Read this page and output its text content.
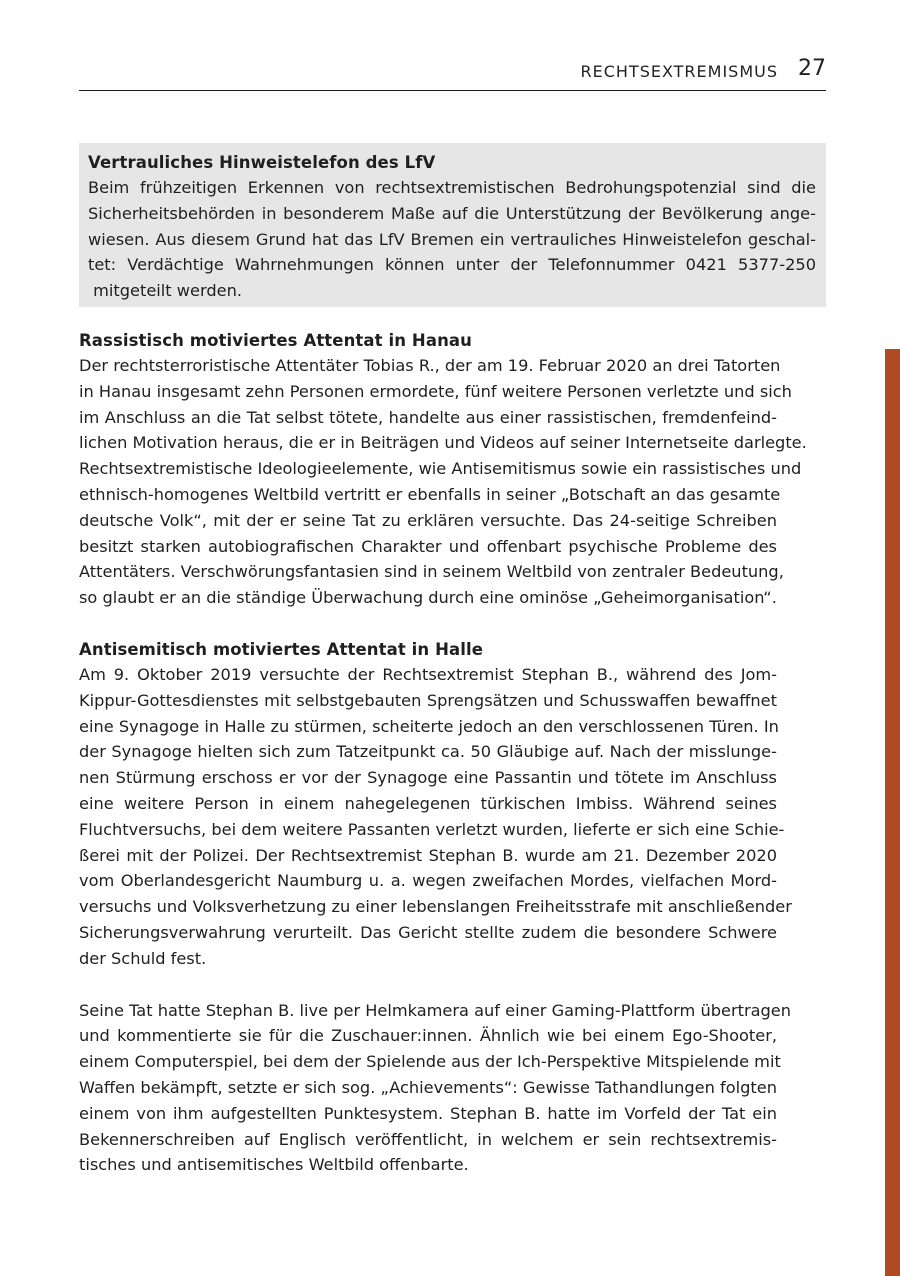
RECHTSEXTREMISMUS 27
Vertrauliches Hinweistelefon des LfV
Beim frühzeitigen Erkennen von rechtsextremistischen Bedrohungspotenzial sind die
Sicherheitsbehörden in besonderem Maße auf die Unterstützung der Bevölkerung ange-
wiesen. Aus diesem Grund hat das LfV Bremen ein vertrauliches Hinweistelefon geschal-
tet: Verdächtige Wahrnehmungen können unter der Telefonnummer 0421 5377-250
mitgeteilt werden.
Rassistisch motiviertes Attentat in Hanau
Der rechtsterroristische Attentäter Tobias R., der am 19. Februar 2020 an drei Tatorten
in Hanau insgesamt zehn Personen ermordete, fünf weitere Personen verletzte und sich
im Anschluss an die Tat selbst tötete, handelte aus einer rassistischen, fremdenfeind-
lichen Motivation heraus, die er in Beiträgen und Videos auf seiner Internetseite darlegte.
Rechtsextremistische Ideologieelemente, wie Antisemitismus sowie ein rassistisches und
ethnisch-homogenes Weltbild vertritt er ebenfalls in seiner „Botschaft an das gesamte
deutsche Volk“, mit der er seine Tat zu erklären versuchte. Das 24-seitige Schreiben
besitzt starken autobiografischen Charakter und offenbart psychische Probleme des
Attentäters. Verschwörungsfantasien sind in seinem Weltbild von zentraler Bedeutung,
so glaubt er an die ständige Überwachung durch eine ominöse „Geheimorganisation“.
Antisemitisch motiviertes Attentat in Halle
Am 9. Oktober 2019 versuchte der Rechtsextremist Stephan B., während des Jom-
Kippur-Gottesdienstes mit selbstgebauten Sprengsätzen und Schusswaffen bewaffnet
eine Synagoge in Halle zu stürmen, scheiterte jedoch an den verschlossenen Türen. In
der Synagoge hielten sich zum Tatzeitpunkt ca. 50 Gläubige auf. Nach der misslunge-
nen Stürmung erschoss er vor der Synagoge eine Passantin und tötete im Anschluss
eine weitere Person in einem nahegelegenen türkischen Imbiss. Während seines
Fluchtversuchs, bei dem weitere Passanten verletzt wurden, lieferte er sich eine Schie-
ßerei mit der Polizei. Der Rechtsextremist Stephan B. wurde am 21. Dezember 2020
vom Oberlandesgericht Naumburg u. a. wegen zweifachen Mordes, vielfachen Mord-
versuchs und Volksverhetzung zu einer lebenslangen Freiheitsstrafe mit anschließender
Sicherungsverwahrung verurteilt. Das Gericht stellte zudem die besondere Schwere
der Schuld fest.
Seine Tat hatte Stephan B. live per Helmkamera auf einer Gaming-Plattform übertragen
und kommentierte sie für die Zuschauer:innen. Ähnlich wie bei einem Ego-Shooter,
einem Computerspiel, bei dem der Spielende aus der Ich-Perspektive Mitspielende mit
Waffen bekämpft, setzte er sich sog. „Achievements“: Gewisse Tathandlungen folgten
einem von ihm aufgestellten Punktesystem. Stephan B. hatte im Vorfeld der Tat ein
Bekennerschreiben auf Englisch veröffentlicht, in welchem er sein rechtsextremis-
tisches und antisemitisches Weltbild offenbarte.
